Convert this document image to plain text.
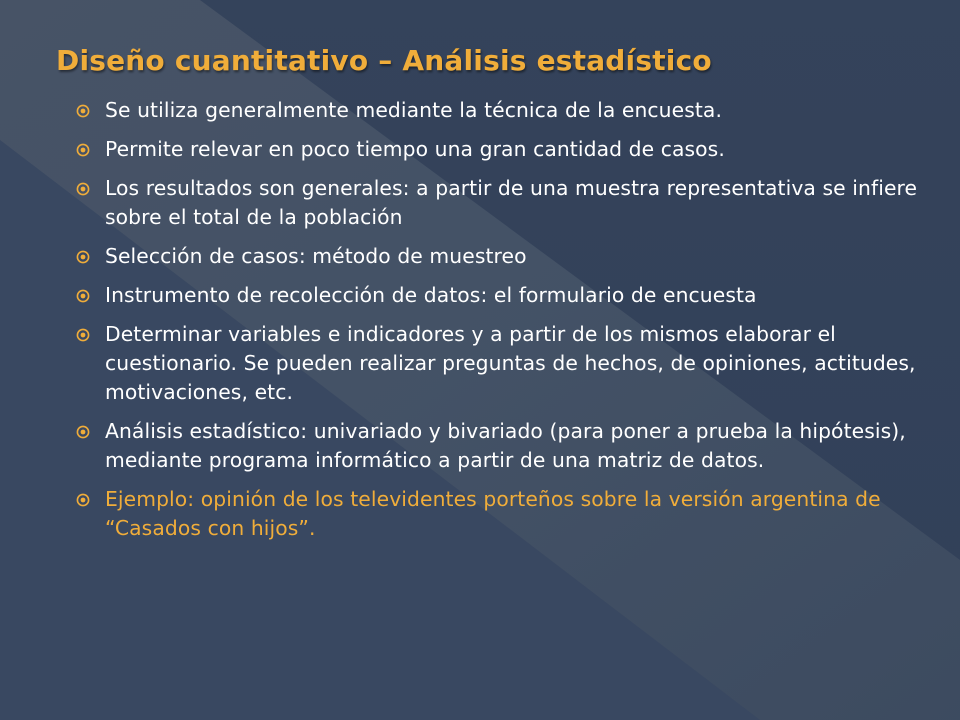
Diseño cuantitativo – Análisis estadístico
Se utiliza generalmente mediante la técnica de la encuesta.
Permite relevar en poco tiempo una gran cantidad de casos.
Los resultados son generales: a partir de una muestra representativa se infiere sobre el total de la población
Selección de casos: método de muestreo
Instrumento de recolección de datos: el formulario de encuesta
Determinar variables e indicadores y a partir de los mismos elaborar el cuestionario. Se pueden realizar preguntas de hechos, de opiniones, actitudes, motivaciones, etc.
Análisis estadístico: univariado y bivariado (para poner a prueba la hipótesis), mediante programa informático a partir de una matriz de datos.
Ejemplo: opinión de los televidentes porteños sobre la versión argentina de “Casados con hijos”.
